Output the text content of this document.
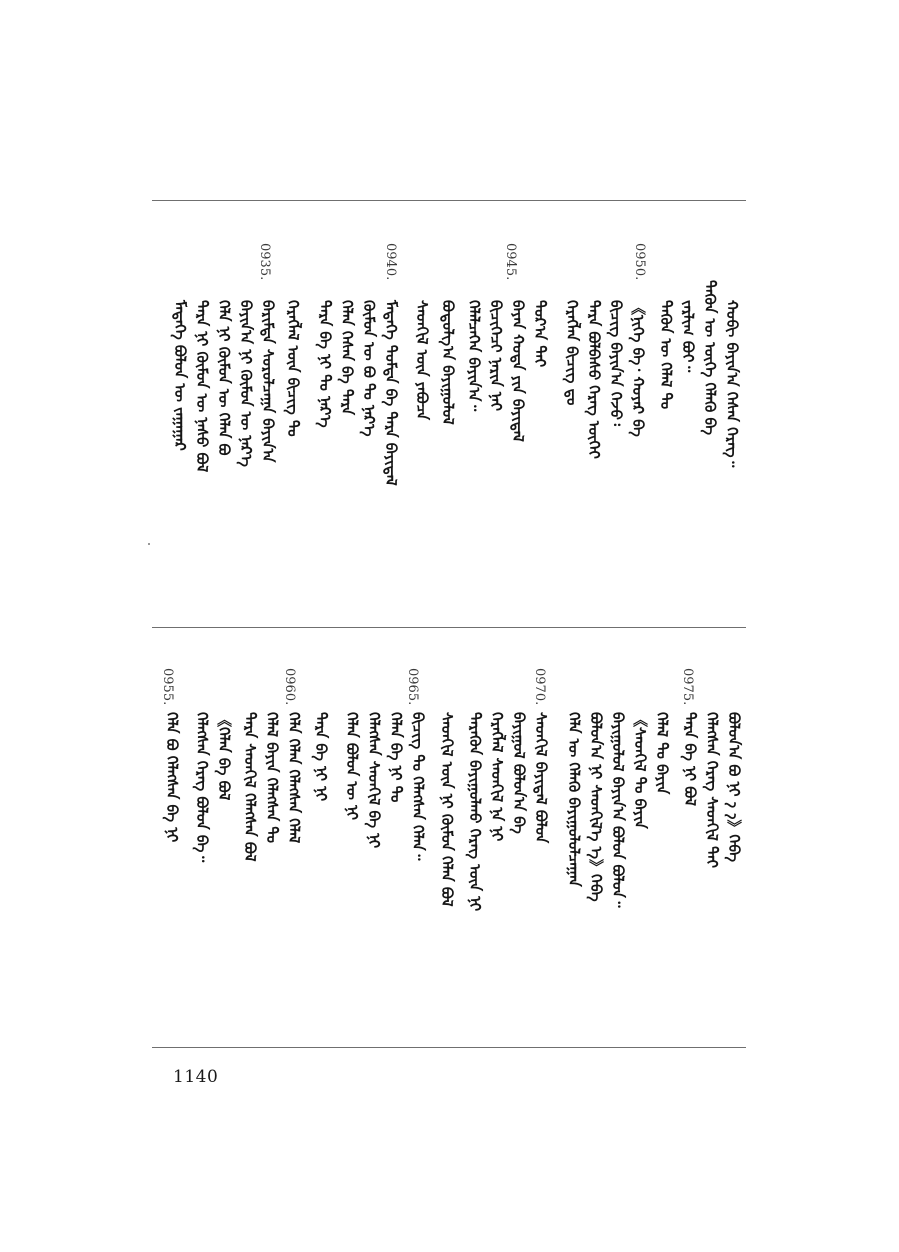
0950.
0945.
0940.
0935.
ᠬᠤᠪᠢ ᠪᠠᠶᠢᠨ᠎ᠠ ᠭᠡᠰᠡᠨ ᠬᠡᠷᠡᠭ᠃
ᠲᠡᠭᠦᠨ ᠦ ᠦᠭᠡ ᠬᠡᠯᠡᠬᠦ ᠪᠡ
ᠵᠠᠷᠯᠢᠭ ᠪᠤᠢ᠃
ᠲᠡᠭᠦᠨ ᠦ ᠬᠡᠯᠡᠯ ᠲᠤ
《ᠨᠢᠭᠡ ᠪᠡ᠂ ᠬᠤᠶᠠᠷ ᠪᠡ
ᠪᠢᠴᠢᠭ ᠪᠠᠶᠢᠨ᠎ᠠ ᠭᠡᠵᠦ᠄
ᠲᠡᠷᠡ ᠪᠣᠯᠪᠠᠰᠤ ᠬᠡᠷᠡᠭ ᠦᠭᠡᠢ
ᠬᠡᠷᠡᠭᠯᠡᠨ ᠪᠢᠴᠢᠭ ᠳᠤ
ᠳᠤᠷ᠎ᠠ ᠲᠠᠢ
ᠪᠠᠶᠠᠨ ᠬᠣᠲᠠ ᠶᠢᠨ ᠪᠠᠶᠢᠳᠠᠯ
ᠪᠢᠴᠢᠭᠡᠴᠢ ᠨᠠᠷᠢᠨ ᠨᠠᠢ
ᠬᠡᠯᠡᠯᠴᠡᠭᠡᠨ ᠪᠠᠶᠢᠨ᠎ᠠ᠃
ᠪᠣᠳᠣᠯᠭ᠎ᠠ ᠪᠠᠶᠢᠭᠤᠯᠤᠯ
ᠰᠡᠳᠬᠢᠯ ᠦᠨ ᠶᠠᠪᠤᠴᠠ
ᠮᠡᠳᠡᠭᠡ ᠳᠤᠮᠳᠠ ᠪᠠ ᠲᠡᠷᠡ ᠪᠠᠶᠢᠳᠠᠯ
ᠬᠦᠮᠦᠨ ᠦ ᠪᠤ ᠲᠤ ᠨᠡᠷ᠎ᠡ
ᠬᠡᠯᠡᠨ ᠭᠡᠰᠡᠨ ᠪᠠ ᠲᠡᠷᠡ
ᠲᠡᠷᠡ ᠪᠠ ᠨᠢ ᠲᠤ ᠨᠡᠷ᠎ᠡ
ᠬᠡᠷᠡᠭᠯᠡᠯ ᠦᠨ ᠪᠢᠴᠢᠭ ᠲᠤ
ᠪᠠᠷᠢᠮᠲᠠ ᠰᠤᠷᠤᠯᠴᠠᠭᠠ ᠪᠠᠶᠢᠨ᠎ᠠ
ᠪᠠᠶᠢᠨ᠎ᠠ ᠨᠢ ᠬᠦᠮᠦᠨ ᠦ ᠨᠡᠷ᠎ᠡ
ᠬᠡᠯᠡ ᠨᠢ ᠬᠦᠮᠦᠨ ᠦ ᠬᠡᠯᠡᠨ ᠪᠤ
ᠲᠡᠷᠡ ᠨᠢ ᠬᠦᠮᠦᠨ ᠦ ᠨᠠᠰᠤ ᠪᠣᠯ
ᠮᠡᠳᠡᠭᠡ ᠪᠣᠯᠤᠨ ᠦ ᠵᠠᠭᠠᠭᠠᠷ
0975.
0970.
0965.
0960.
0955.
ᠪᠣᠯᠤᠨ᠎ᠠ ᠪᠤ ᠨᠢ ᠡ᠋ ᠡ᠋》ᠭᠡᠪᠡ
ᠬᠡᠯᠡᠭᠰᠡᠨ ᠬᠡᠷᠡᠭ ᠰᠡᠳᠬᠢᠯ ᠲᠠᠢ
ᠲᠡᠷᠡ ᠪᠠ ᠨᠢ ᠪᠣᠯ
ᠬᠡᠯᠡᠯ ᠲᠤ ᠪᠠᠶᠢᠨ
《ᠰᠡᠳᠬᠢᠯ ᠲᠤ ᠪᠠᠶᠢᠨ
ᠪᠠᠶᠢᠭᠤᠯᠤᠯ ᠪᠠᠶᠢᠨ᠎ᠠ ᠪᠣᠯᠤᠨ ᠪᠣᠯᠤᠨ᠃
ᠪᠣᠯᠤᠨ᠎ᠠ ᠨᠢ ᠰᠡᠳᠬᠢᠯ᠎ᠡ ᠡ》ᠭᠡᠪᠡ
ᠬᠡᠯᠡ ᠦ ᠬᠡᠯᠡᠬᠦ ᠪᠠᠶᠢᠭᠤᠯᠤᠯᠴᠠᠭᠠᠨ
ᠰᠡᠳᠬᠢᠯ ᠪᠠᠶᠢᠳᠠᠯ ᠪᠣᠯᠤᠨ
ᠪᠠᠶᠢᠭᠤᠯ ᠪᠣᠯᠤᠨ᠎ᠠ ᠪᠠ
ᠬᠡᠷᠡᠭᠯᠡᠯ ᠰᠡᠳᠬᠢᠯ ᠨᠠ ᠨᠢ
ᠲᠡᠷᠡᠭᠦᠨ ᠪᠠᠶᠢᠭᠤᠯᠬᠤ ᠬᠡᠷᠡᠭ ᠦᠨ ᠨᠢ
ᠰᠡᠳᠬᠢᠯ ᠦᠨ ᠨᠢ ᠬᠦᠮᠦᠨ ᠬᠡᠯᠡᠨ ᠪᠣᠯ
ᠪᠢᠴᠢᠭ ᠲᠤ ᠬᠡᠯᠡᠭᠰᠡᠨ ᠬᠡᠯᠡᠨ᠃
ᠬᠡᠯᠡᠨ ᠪᠠ ᠨᠢ ᠲᠤ
ᠬᠡᠯᠡᠭᠰᠡᠨ ᠰᠡᠳᠬᠢᠯ ᠪᠠ ᠨᠢ
ᠬᠡᠯᠡᠨ ᠪᠣᠯᠤᠨ ᠦ ᠨᠢ
ᠲᠡᠷᠡ ᠪᠠ ᠨᠢ ᠨᠢ
ᠬᠡᠯᠡ ᠬᠡᠯᠡᠨ ᠬᠡᠯᠡᠭᠰᠡᠨ ᠬᠡᠯᠡᠯ
ᠬᠡᠯᠡᠯ ᠪᠠᠶᠢᠨ ᠬᠡᠯᠡᠭᠰᠡᠨ ᠲᠤ
ᠲᠡᠷᠡ ᠰᠡᠳᠬᠢᠯ ᠬᠡᠯᠡᠭᠰᠡᠨ ᠪᠣᠯ
《ᠬᠡᠯᠡᠨ ᠪᠠ ᠪᠣᠯ
ᠬᠡᠯᠡᠭᠰᠡᠨ ᠬᠡᠷᠡᠭ ᠪᠣᠯᠤᠨ ᠪᠠ᠃
ᠬᠡᠯᠡ ᠪᠣ ᠬᠡᠯᠡᠭᠰᠡᠨ ᠪᠠ ᠨᠢ
1140
